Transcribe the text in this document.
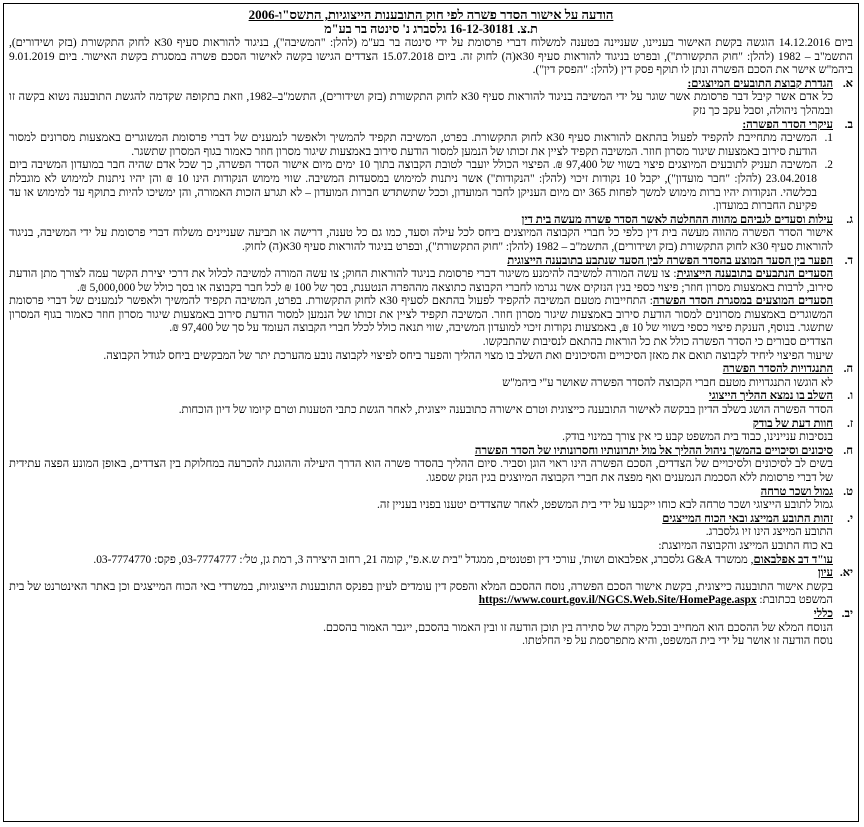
הודעה על אישור הסדר פשרה לפי חוק התובענות הייצוגיות, התשס"ו-2006
ת.צ. 16-12-30181 גלסברג נ' סינטה בר בע"מ

ביום 14.12.2016 הוגשה בקשת האישור בעניינו, שעניינה בטענה למשלוח דברי פרסומת על ידי סינטה בר בע"מ (להלן: "המשיבה"), בניגוד להוראות סעיף 30א לחוק התקשורת (בזק ושידורים), התשמ"ב – 1982 (להלן: "חוק התקשורת"), ובפרט בניגוד להוראות סעיף 30א(ה) לחוק זה. ביום 15.07.2018 הצדדים הגישו בקשה לאישור הסכם פשרה במסגרת בקשת האישור. ביום 9.01.2019 ביהמ"ש אישר את הסכם הפשרה ונתן לו תוקף פסק דין (להלן: "הפסק דין").

א.
הגדרת קבוצת התובעים המיוצגים:

כל אדם אשר קיבל דבר פרסומת אשר שוגר על ידי המשיבה בניגוד להוראות סעיף 30א לחוק התקשורת (בזק ושידורים), התשמ"ב–1982, וזאת בתקופה שקדמה להגשת התובענה נשוא בקשה זו ובמהלך ניהולה, וסבל עקב כך נזק

ב.
עיקרי הסדר הפשרה:
1.

המשיבה מתחייבת להקפיד לפעול בהתאם להוראות סעיף 30א לחוק התקשורת. בפרט, המשיבה תקפיד להמשיך ולאפשר לנמענים של דברי פרסומת המשוגרים באמצעות מסרונים למסור הודעת סירוב באמצעות שיגור מסרון חוזר. המשיבה תקפיד לציין את זכותו של הנמען למסור הודעת סירוב באמצעות שיגור מסרון חוזר כאמור בגוף המסרון שתשגר.

2.

המשיבה תעניק לתובעים המיוצגים פיצוי בשווי של 97,400 ₪. הפיצוי הכולל יועבר לטובת הקבוצה בתוך 10 ימים מיום אישור הסדר הפשרה, כך שכל אדם שהיה חבר במועדון המשיבה ביום 23.04.2018 (להלן: "חבר מועדון"), יקבל 10 נקודות זיכוי (להלן: "הנקודות") אשר ניתנות למימוש במסעדות המשיבה. שווי מימוש הנקודות הינו 10 ₪ והן יהיו ניתנות למימוש לא מוגבלת בכלשהי. הנקודות יהיו ברות מימוש למשך לפחות 365 יום מיום העניקן לחבר המועדון, וככל שתשתדש חברות המועדון – לא תגרע הזכות האמורה, והן ימשיכו להיות בתוקף עד למימוש או עד פקיעת החברות במועדון.

ג.
עילות וסעדים לגביהם מהווה ההחלטה לאשר הסדר פשרה מעשה בית דין

אישור הסדר הפשרה מהווה מעשה בית דין כלפי כל חברי הקבוצה המיוצגים ביחס לכל עילה וסעד, כמו גם כל טענה, דרישה או תביעה שעניינים משלוח דברי פרסומת על ידי המשיבה, בניגוד להוראות סעיף 30א לחוק התקשורת (בזק ושידורים), התשמ"ב – 1982 (להלן: "חוק התקשורת"), ובפרט בניגוד להוראות סעיף 30א(ה) לחוק.

ד.
הפער בין הסעד המוצע בהסדר הפשרה לבין הסעד שנתבע בתובענה הייצוגית

הסעדים הנתבעים בתובענה הייצוגית: צו עשה המורה למשיבה להימנע משיגור דברי פרסומת בניגוד להוראות החוק; צו עשה המורה למשיבה לכלול את דרכי יצירת הקשר עמה לצורך מתן הודעת סירוב, לרבות באמצעות מסרון חוזר; פיצוי כספי בגין הנזקים אשר נגרמו לחברי הקבוצה כתוצאה מההפרה הנטענת, בסך של 100 ₪ לכל חבר בקבוצה או בסך כולל של 5,000,000 ₪.

הסעדים המוצעים במסגרת הסדר הפשרה: התחייבות מטעם המשיבה להקפיד לפעול בהתאם לסעיף 30א לחוק התקשורת. בפרט, המשיבה תקפיד להמשיך ולאפשר לנמענים של דברי פרסומת המשוגרים באמצעות מסרונים למסור הודעת סירוב באמצעות שיגור מסרון חוזר. המשיבה תקפיד לציין את זכותו של הנמען למסור הודעת סירוב באמצעות שיגור מסרון חוזר כאמור בגוף המסרון שתשגר. בנוסף, הענקת פיצוי כספי בשווי של 10 ₪, באמצעות נקודות זיכוי למועדון המשיבה, שווי תנאה כולל לכלל חברי הקבוצה העומד על סך של 97,400 ₪.

הצדדים סבורים כי הסדר הפשרה כולל את כל הוראות בהתאם לנסיבות שהתבקשו.

שיעור הפיצוי ליחיד לקבוצה תואם את מאזן הסיכויים והסיכונים ואת השלב בו מצוי ההליך והפער ביחס לפיצוי לקבוצה נובע מהערכת יתר של המבקשים ביחס לגודל הקבוצה.

ה.
התנגדויות להסדר הפשרה

לא הוגשו התנגדויות מטעם חברי הקבוצה להסדר הפשרה שאושר ע"י ביהמ"ש

ו.
השלב בו נמצא ההליך הייצוגי

הסדר הפשרה הושג בשלב הדיון בבקשה לאישור התובענה כייצוגית וטרם אישורה כתובענה ייצוגית, לאחר הגשת כתבי הטענות וטרם קיומו של דיון הוכחות.

ז.
חוות דעת של בודק

בנסיבות עניינינו, כבוד בית המשפט קבע כי אין צורך במינוי בודק.

ח.
סיכונים וסיכויים בהמשך ניהול ההליך אל מול יתרונותיו וחסרונותיו של הסדר הפשרה

בשים לב לסיכונים ולסיכויים של הצדדים, הסכם הפשרה הינו ראוי הוגן וסביר. סיום ההליך בהסדר פשרה הוא הדרך היעילה וההוגנת להכרעה במחלוקת בין הצדדים, באופן המונע הפצה עתידית של דברי פרסומת ללא הסכמת הנמענים ואף מפצה את חברי הקבוצה המיוצגים בגין הנזק שספגו.

ט.
גמול ושכר טרחה

גמול לתובע הייצוגי ושכר טרחה לבא כוחו ייקבעו על ידי בית המשפט, לאחר שהצדדים יטענו בפניו בעניין זה.

י.
זהות התובע המייצג ובאי הכוח המייצגים

התובע המייצג הינו זיו גלסברג.

בא כוח התובע המייצג והקבוצה המיוצגת:

עו"ד דב אפלבאום, ממשרד G&A גלסברג, אפלבאום ושות', עורכי דין ופטנטים, ממגדל "בית ש.א.פ", קומה 21, רחוב היצירה 3, רמת גן, טל׳: 03-7774777, פקס: 03-7774770.

יא.
עיון

בקשת אישור התובענה כייצוגית, בקשת אישור הסכם הפשרה, נוסח ההסכם המלא והפסק דין עומדים לעיון בפנקס התובענות הייצוגיות, במשרדי באי הכוח המייצגים וכן באתר האינטרנט של בית המשפט בכתובת: https://www.court.gov.il/NGCS.Web.Site/HomePage.aspx

יב.
כללי

הנוסח המלא של ההסכם הוא המחייב ובכל מקרה של סתירה בין תוכן הודעה זו ובין האמור בהסכם, ייגבר האמור בהסכם.

נוסח הודעה זו אושר על ידי בית המשפט, והיא מתפרסמת על פי החלטתו.
